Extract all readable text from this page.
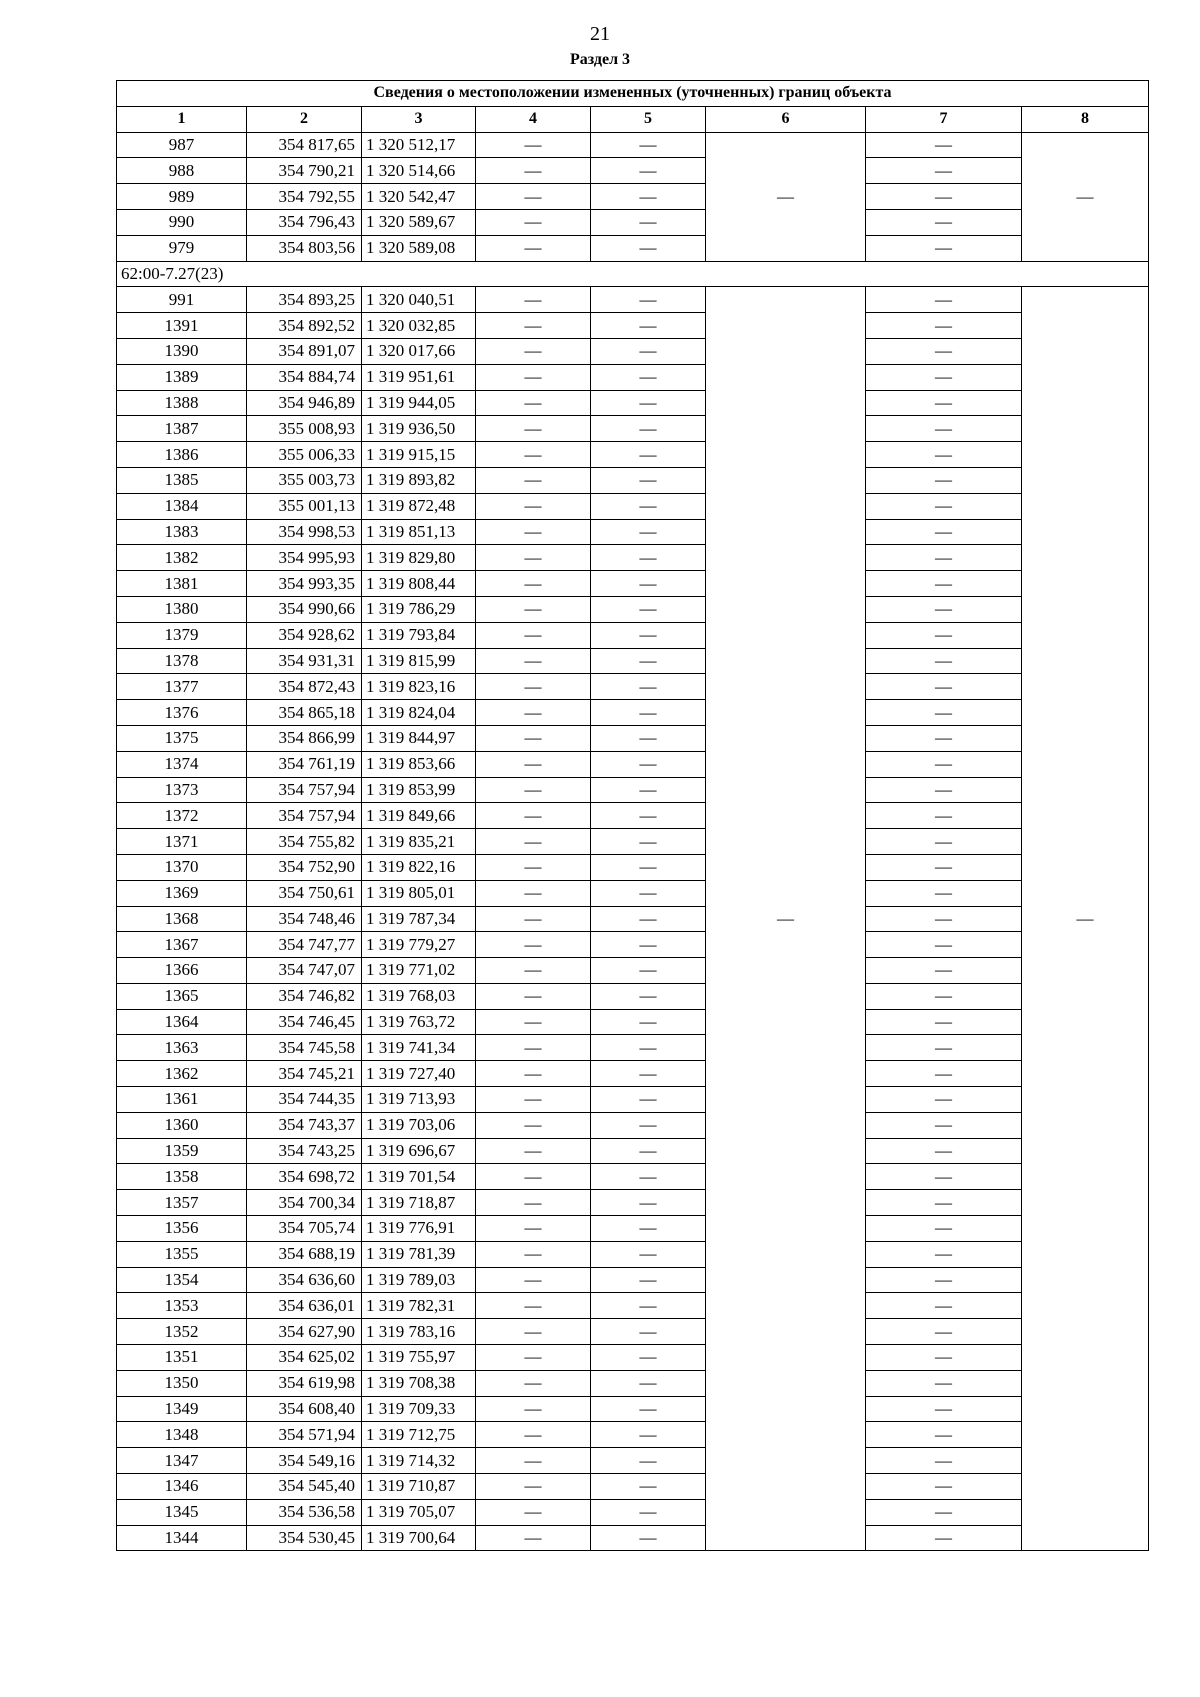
21
Раздел 3
Сведения о местоположении измененных (уточненных) границ объекта							
1	2	3	4	5	6	7	8
987	354 817,65	1 320 512,17	—	—	—	—	—
988	354 790,21	1 320 514,66	—	—		—	
989	354 792,55	1 320 542,47	—	—		—	
990	354 796,43	1 320 589,67	—	—		—	
979	354 803,56	1 320 589,08	—	—		—	
62:00-7.27(23)							
991	354 893,25	1 320 040,51	—	—	—	—	—
1391	354 892,52	1 320 032,85	—	—		—	
1390	354 891,07	1 320 017,66	—	—		—	
1389	354 884,74	1 319 951,61	—	—		—	
1388	354 946,89	1 319 944,05	—	—		—	
1387	355 008,93	1 319 936,50	—	—		—	
1386	355 006,33	1 319 915,15	—	—		—	
1385	355 003,73	1 319 893,82	—	—		—	
1384	355 001,13	1 319 872,48	—	—		—	
1383	354 998,53	1 319 851,13	—	—		—	
1382	354 995,93	1 319 829,80	—	—		—	
1381	354 993,35	1 319 808,44	—	—		—	
1380	354 990,66	1 319 786,29	—	—		—	
1379	354 928,62	1 319 793,84	—	—		—	
1378	354 931,31	1 319 815,99	—	—		—	
1377	354 872,43	1 319 823,16	—	—		—	
1376	354 865,18	1 319 824,04	—	—		—	
1375	354 866,99	1 319 844,97	—	—		—	
1374	354 761,19	1 319 853,66	—	—		—	
1373	354 757,94	1 319 853,99	—	—		—	
1372	354 757,94	1 319 849,66	—	—		—	
1371	354 755,82	1 319 835,21	—	—		—	
1370	354 752,90	1 319 822,16	—	—		—	
1369	354 750,61	1 319 805,01	—	—		—	
1368	354 748,46	1 319 787,34	—	—		—	
1367	354 747,77	1 319 779,27	—	—		—	
1366	354 747,07	1 319 771,02	—	—		—	
1365	354 746,82	1 319 768,03	—	—		—	
1364	354 746,45	1 319 763,72	—	—		—	
1363	354 745,58	1 319 741,34	—	—		—	
1362	354 745,21	1 319 727,40	—	—		—	
1361	354 744,35	1 319 713,93	—	—		—	
1360	354 743,37	1 319 703,06	—	—		—	
1359	354 743,25	1 319 696,67	—	—		—	
1358	354 698,72	1 319 701,54	—	—		—	
1357	354 700,34	1 319 718,87	—	—		—	
1356	354 705,74	1 319 776,91	—	—		—	
1355	354 688,19	1 319 781,39	—	—		—	
1354	354 636,60	1 319 789,03	—	—		—	
1353	354 636,01	1 319 782,31	—	—		—	
1352	354 627,90	1 319 783,16	—	—		—	
1351	354 625,02	1 319 755,97	—	—		—	
1350	354 619,98	1 319 708,38	—	—		—	
1349	354 608,40	1 319 709,33	—	—		—	
1348	354 571,94	1 319 712,75	—	—		—	
1347	354 549,16	1 319 714,32	—	—		—	
1346	354 545,40	1 319 710,87	—	—		—	
1345	354 536,58	1 319 705,07	—	—		—	
1344	354 530,45	1 319 700,64	—	—		—	
